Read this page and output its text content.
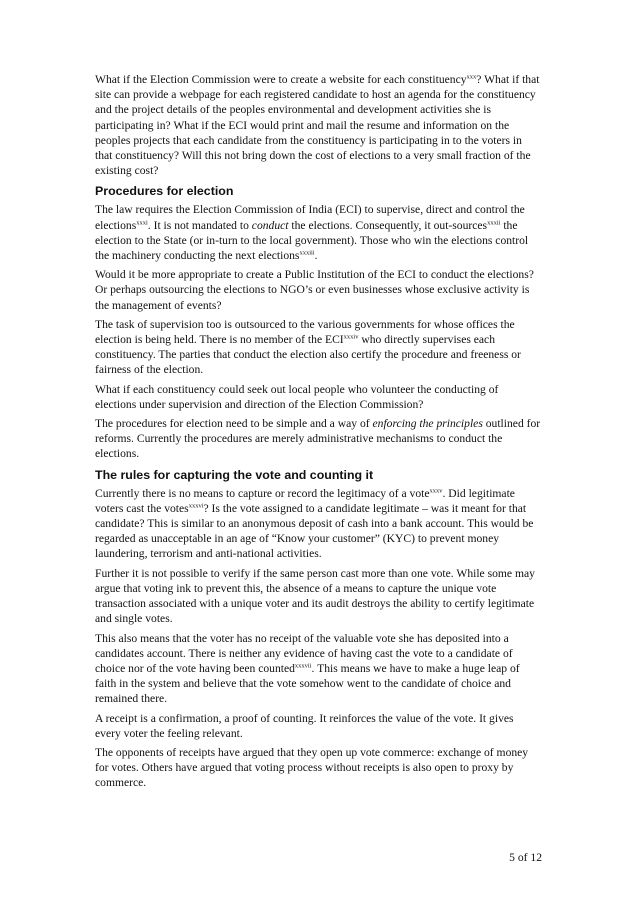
What if the Election Commission were to create a website for each constituency$^{xxx}$? What if that site can provide a webpage for each registered candidate to host an agenda for the constituency and the project details of the peoples environmental and development activities she is participating in? What if the ECI would print and mail the resume and information on the peoples projects that each candidate from the constituency is participating in to the voters in that constituency? Will this not bring down the cost of elections to a very small fraction of the existing cost?

Procedures for election

The law requires the Election Commission of India (ECI) to supervise, direct and control the elections$^{xxxi}$. It is not mandated to conduct the elections. Consequently, it out-sources$^{xxxii}$ the election to the State (or in-turn to the local government). Those who win the elections control the machinery conducting the next elections$^{xxxiii}$.

Would it be more appropriate to create a Public Institution of the ECI to conduct the elections? Or perhaps outsourcing the elections to NGO’s or even businesses whose exclusive activity is the management of events?

The task of supervision too is outsourced to the various governments for whose offices the election is being held. There is no member of the $ECI^{xxxiv}$ who directly supervises each constituency. The parties that conduct the election also certify the procedure and freeness or fairness of the election.

What if each constituency could seek out local people who volunteer the conducting of elections under supervision and direction of the Election Commission?

The procedures for election need to be simple and a way of enforcing the principles outlined for reforms. Currently the procedures are merely administrative mechanisms to conduct the elections.

The rules for capturing the vote and counting it

Currently there is no means to capture or record the legitimacy of a vote$^{xxxv}$. Did legitimate voters cast the votes$^{xxxvi}$? Is the vote assigned to a candidate legitimate – was it meant for that candidate? This is similar to an anonymous deposit of cash into a bank account. This would be regarded as unacceptable in an age of “Know your customer” (KYC) to prevent money laundering, terrorism and anti-national activities.

Further it is not possible to verify if the same person cast more than one vote. While some may argue that voting ink to prevent this, the absence of a means to capture the unique vote transaction associated with a unique voter and its audit destroys the ability to certify legitimate and single votes.

This also means that the voter has no receipt of the valuable vote she has deposited into a candidates account. There is neither any evidence of having cast the vote to a candidate of choice nor of the vote having been counted$^{xxxvii}$. This means we have to make a huge leap of faith in the system and believe that the vote somehow went to the candidate of choice and remained there.

A receipt is a confirmation, a proof of counting. It reinforces the value of the vote. It gives every voter the feeling relevant.

The opponents of receipts have argued that they open up vote commerce: exchange of money for votes. Others have argued that voting process without receipts is also open to proxy by commerce.

5 of 12
